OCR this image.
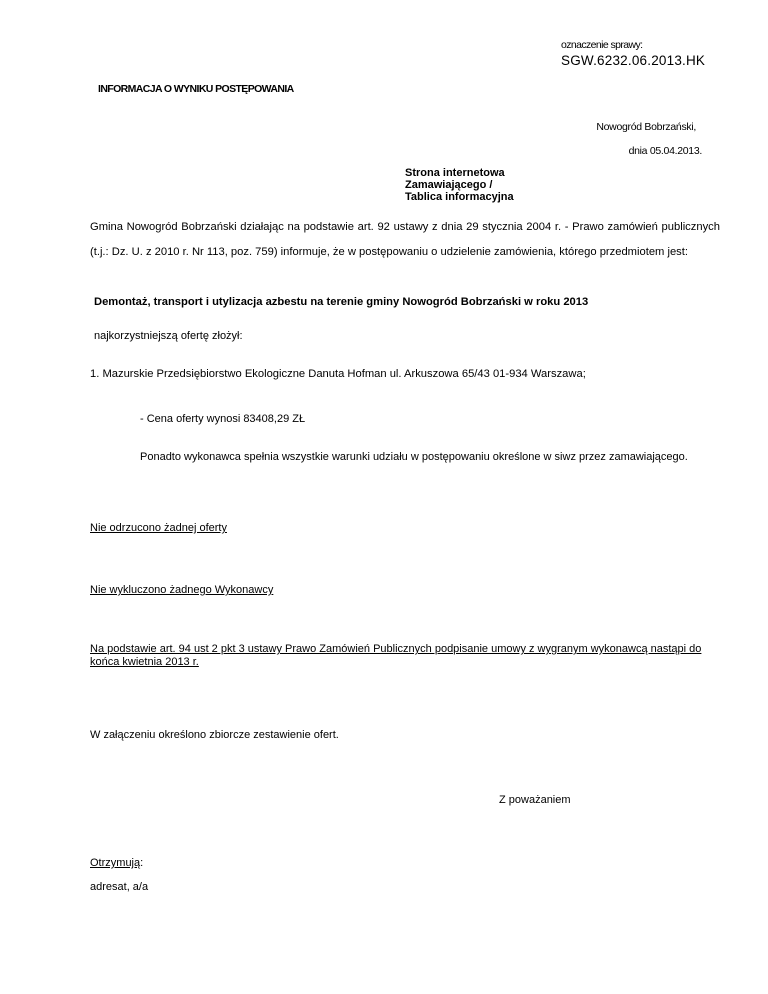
oznaczenie sprawy:

SGW.6232.06.2013.HK

INFORMACJA O WYNIKU POSTĘPOWANIA

Nowogród Bobrzański,

dnia 05.04.2013.

Strona internetowa
Zamawiającego /
Tablica informacyjna

Gmina Nowogród Bobrzański działając na podstawie art. 92 ustawy z dnia 29 stycznia 2004 r. - Prawo zamówień publicznych (t.j.: Dz. U. z 2010 r. Nr 113, poz. 759) informuje, że w postępowaniu o udzielenie zamówienia, którego przedmiotem jest:

Demontaż, transport i utylizacja azbestu na terenie gminy Nowogród Bobrzański w roku 2013

najkorzystniejszą ofertę złożył:

1. Mazurskie Przedsiębiorstwo Ekologiczne Danuta Hofman ul. Arkuszowa 65/43 01-934 Warszawa;

- Cena oferty wynosi 83408,29 ZŁ

Ponadto wykonawca spełnia wszystkie warunki udziału w postępowaniu określone w siwz przez zamawiającego.

Nie odrzucono żadnej oferty

Nie wykluczono żadnego Wykonawcy

Na podstawie art. 94 ust 2 pkt 3 ustawy Prawo Zamówień Publicznych podpisanie umowy z wygranym wykonawcą nastąpi do końca kwietnia 2013 r.

W załączeniu określono zbiorcze zestawienie ofert.

Z poważaniem

Otrzymują:

adresat, a/a
